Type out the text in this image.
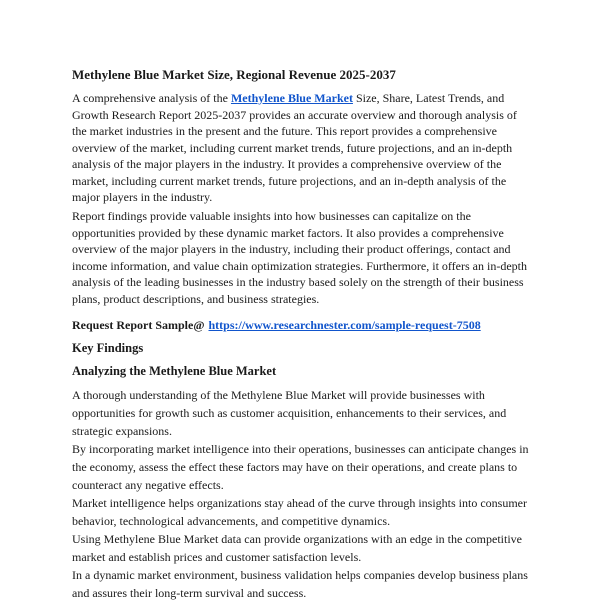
Methylene Blue Market Size, Regional Revenue 2025-2037

A comprehensive analysis of the Methylene Blue Market Size, Share, Latest Trends, and Growth Research Report 2025-2037 provides an accurate overview and thorough analysis of the market industries in the present and the future. This report provides a comprehensive overview of the market, including current market trends, future projections, and an in-depth analysis of the major players in the industry. It provides a comprehensive overview of the market, including current market trends, future projections, and an in-depth analysis of the major players in the industry.

Report findings provide valuable insights into how businesses can capitalize on the opportunities provided by these dynamic market factors. It also provides a comprehensive overview of the major players in the industry, including their product offerings, contact and income information, and value chain optimization strategies. Furthermore, it offers an in-depth analysis of the leading businesses in the industry based solely on the strength of their business plans, product descriptions, and business strategies.

Request Report Sample@ https://www.researchnester.com/sample-request-7508

Key Findings

Analyzing the Methylene Blue Market

A thorough understanding of the Methylene Blue Market will provide businesses with opportunities for growth such as customer acquisition, enhancements to their services, and strategic expansions.

By incorporating market intelligence into their operations, businesses can anticipate changes in the economy, assess the effect these factors may have on their operations, and create plans to counteract any negative effects.

Market intelligence helps organizations stay ahead of the curve through insights into consumer behavior, technological advancements, and competitive dynamics.

Using Methylene Blue Market data can provide organizations with an edge in the competitive market and establish prices and customer satisfaction levels.

In a dynamic market environment, business validation helps companies develop business plans and assures their long-term survival and success.
